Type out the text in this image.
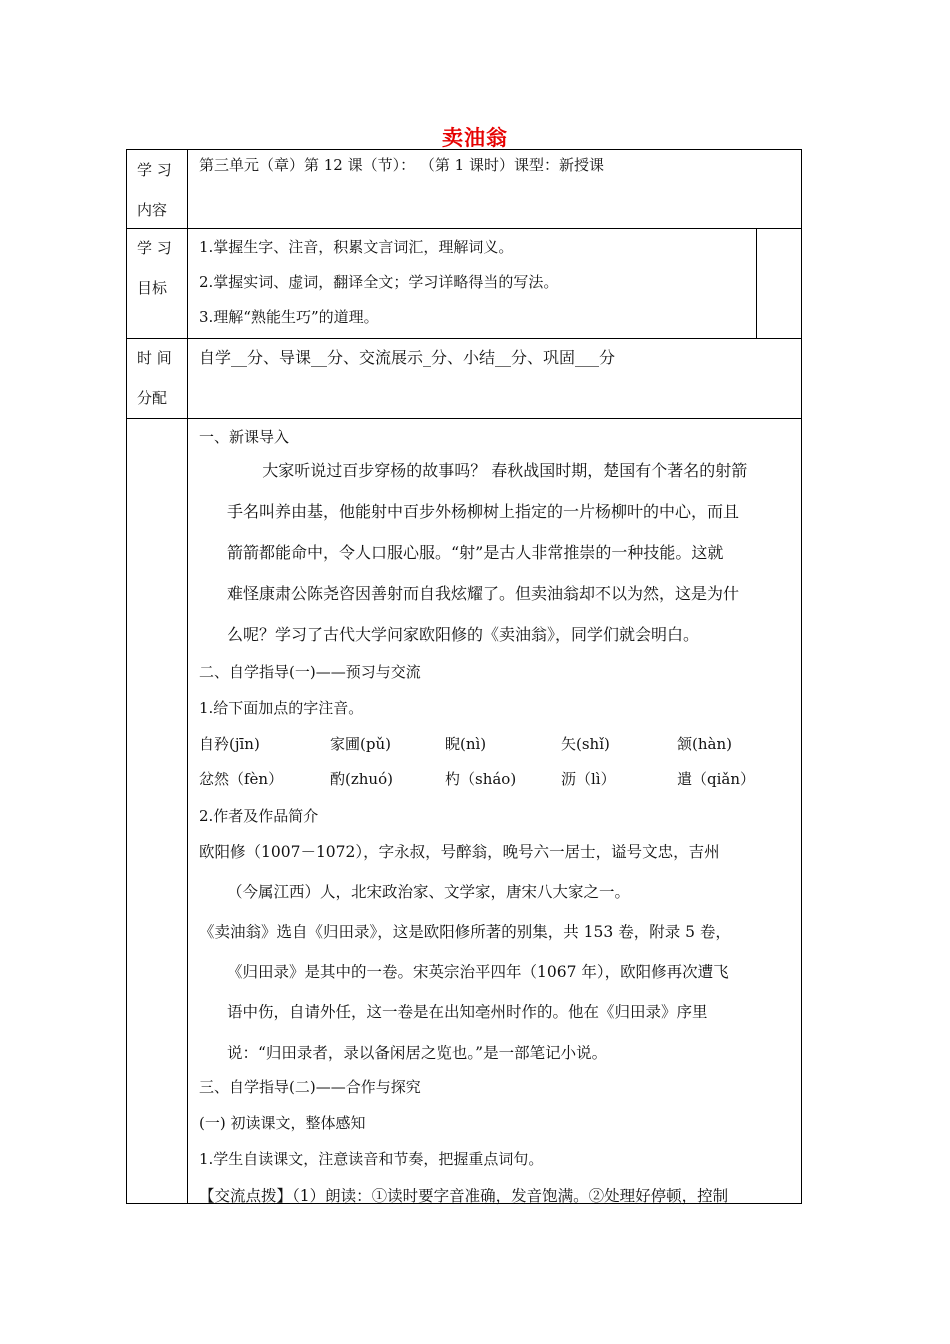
卖油翁
学 习
内容
第三单元（章）第 12 课（节）： （第 1 课时）课型：新授课
学 习
目标
1.掌握生字、注音，积累文言词汇，理解词义。
2.掌握实词、虚词，翻译全文；学习详略得当的写法。
3.理解“熟能生巧”的道理。
时 间
分配
自学__分、导课__分、交流展示_分、小结__分、巩固___分
一、新课导入

大家听说过百步穿杨的故事吗？ 春秋战国时期，楚国有个著名的射箭

手名叫养由基，他能射中百步外杨柳树上指定的一片杨柳叶的中心，而且

箭箭都能命中，令人口服心服。“射”是古人非常推崇的一种技能。这就

难怪康肃公陈尧咨因善射而自我炫耀了。但卖油翁却不以为然，这是为什

么呢？学习了古代大学问家欧阳修的《卖油翁》，同学们就会明白。

二、自学指导(一)——预习与交流
1.给下面加点的字注音。
自矜(jīn)	家圃(pǔ)	睨(nì)	矢(shǐ)	颔(hàn)
忿然（fèn）	酌(zhuó)	杓（sháo)	沥（lì）	遣（qiǎn）
2.作者及作品简介
欧阳修（1007－1072），字永叔，号醉翁，晚号六一居士，谥号文忠，吉州
（今属江西）人，北宋政治家、文学家，唐宋八大家之一。
《卖油翁》选自《归田录》，这是欧阳修所著的别集，共 153 卷，附录 5 卷，
《归田录》是其中的一卷。宋英宗治平四年（1067 年），欧阳修再次遭飞
语中伤，自请外任，这一卷是在出知亳州时作的。他在《归田录》序里
说：“归田录者，录以备闲居之览也。”是一部笔记小说。
三、自学指导(二)——合作与探究
(一) 初读课文，整体感知
1.学生自读课文，注意读音和节奏，把握重点词句。
【交流点拨】（1）朗读：①读时要字音准确，发音饱满。②处理好停顿，控制
